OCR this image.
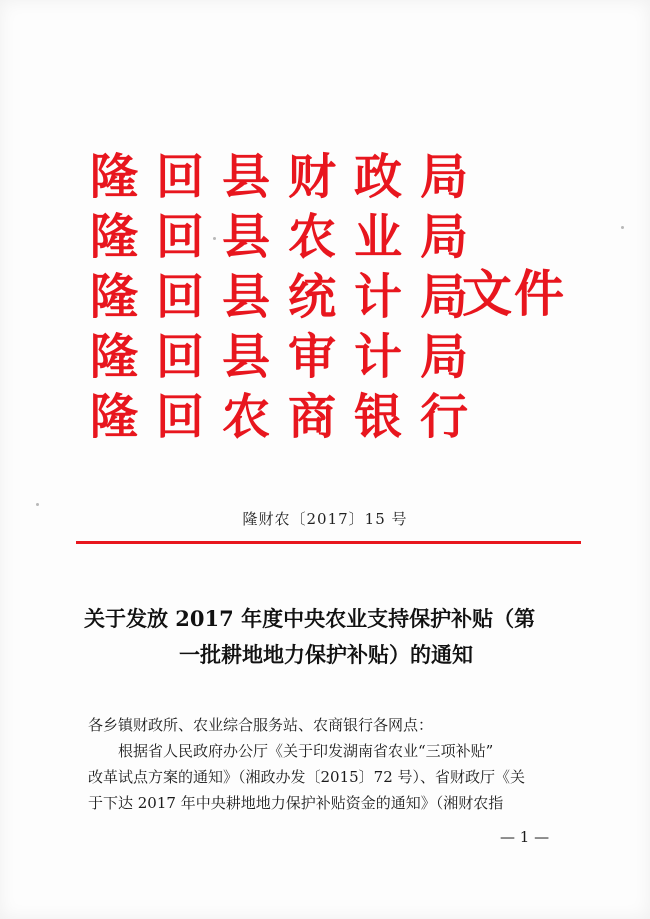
隆 回 县 财 政 局
隆 回 县 农 业 局
隆 回 县 统 计 局
隆 回 县 审 计 局
隆 回 农 商 银 行
文件
隆财农〔2017〕15 号
关于发放 2017 年度中央农业支持保护补贴（第
一批耕地地力保护补贴）的通知
各乡镇财政所、农业综合服务站、农商银行各网点：
根据省人民政府办公厅《关于印发湖南省农业“三项补贴”
改革试点方案的通知》（湘政办发〔2015〕72 号）、省财政厅《关
于下达 2017 年中央耕地地力保护补贴资金的通知》（湘财农指
— 1 —
